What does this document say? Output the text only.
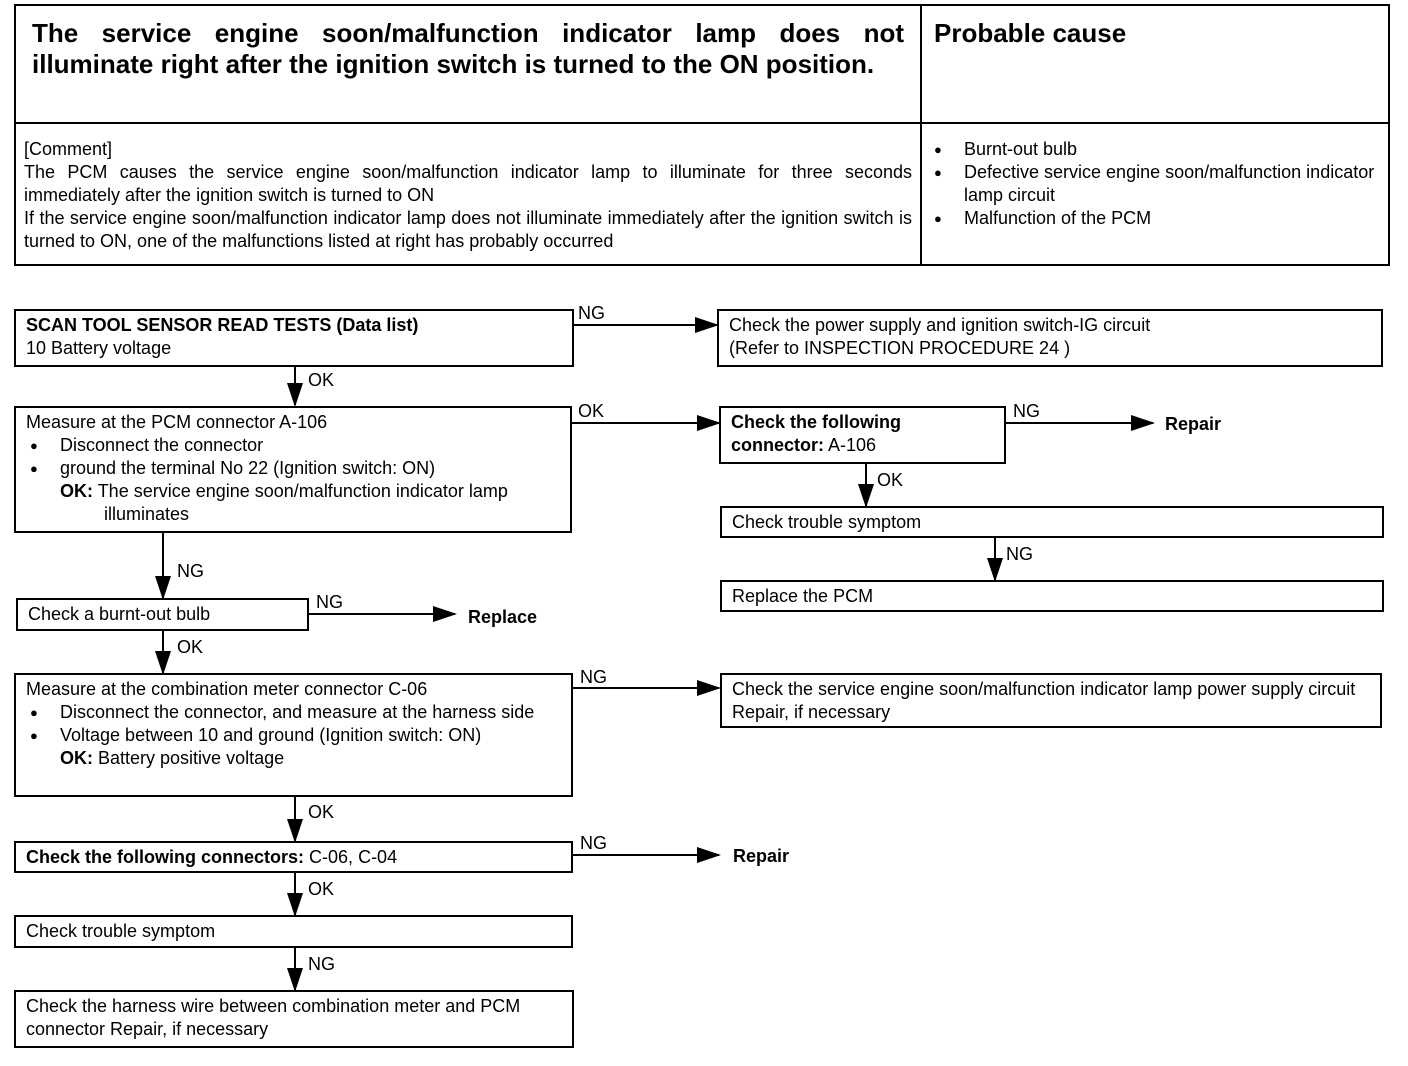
The service engine soon/malfunction indicator lamp does not illuminate right after the ignition switch is turned to the ON position.
Probable cause
[Comment]
The PCM causes the service engine soon/malfunction indicator lamp to illuminate for three seconds immediately after the ignition switch is turned to ON
If the service engine soon/malfunction indicator lamp does not illuminate immediately after the ignition switch is turned to ON, one of the malfunctions listed at right has probably occurred
● Burnt-out bulb
● Defective service engine soon/malfunction indicator lamp circuit
● Malfunction of the PCM
SCAN TOOL SENSOR READ TESTS (Data list)
10 Battery voltage
Check the power supply and ignition switch-IG circuit
(Refer to INSPECTION PROCEDURE 24 )
Measure at the PCM connector A-106
● Disconnect the connector
● ground the terminal No 22 (Ignition switch: ON)
OK: The service engine soon/malfunction indicator lamp illuminates
Check the following connector: A-106
Repair
Check trouble symptom
Replace the PCM
Check a burnt-out bulb	Replace
Measure at the combination meter connector C-06
● Disconnect the connector, and measure at the harness side
● Voltage between 10 and ground (Ignition switch: ON)
OK: Battery positive voltage
Check the service engine soon/malfunction indicator lamp power supply circuit Repair, if necessary
Check the following connectors: C-06, C-04	Repair
Check trouble symptom
Check the harness wire between combination meter and PCM connector Repair, if necessary
NG
OK
OK	NG
OK
NG
NG
NG
OK
NG
OK
NG
OK
NG
